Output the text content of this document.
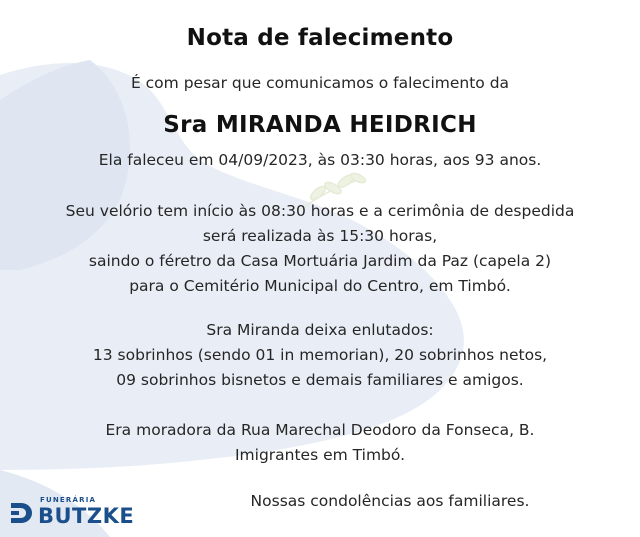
Nota de falecimento
É com pesar que comunicamos o falecimento da
Sra MIRANDA HEIDRICH
Ela faleceu em 04/09/2023, às 03:30 horas, aos 93 anos.
Seu velório tem início às 08:30 horas e a cerimônia de despedida
será realizada às 15:30 horas,
saindo o féretro da Casa Mortuária Jardim da Paz (capela 2)
para o Cemitério Municipal do Centro, em Timbó.
Sra Miranda deixa enlutados:
13 sobrinhos (sendo 01 in memorian), 20 sobrinhos netos,
09 sobrinhos bisnetos e demais familiares e amigos.
Era moradora da Rua Marechal Deodoro da Fonseca, B.
Imigrantes em Timbó.
Nossas condolências aos familiares.
FUNERÁRIA
BUTZKE
